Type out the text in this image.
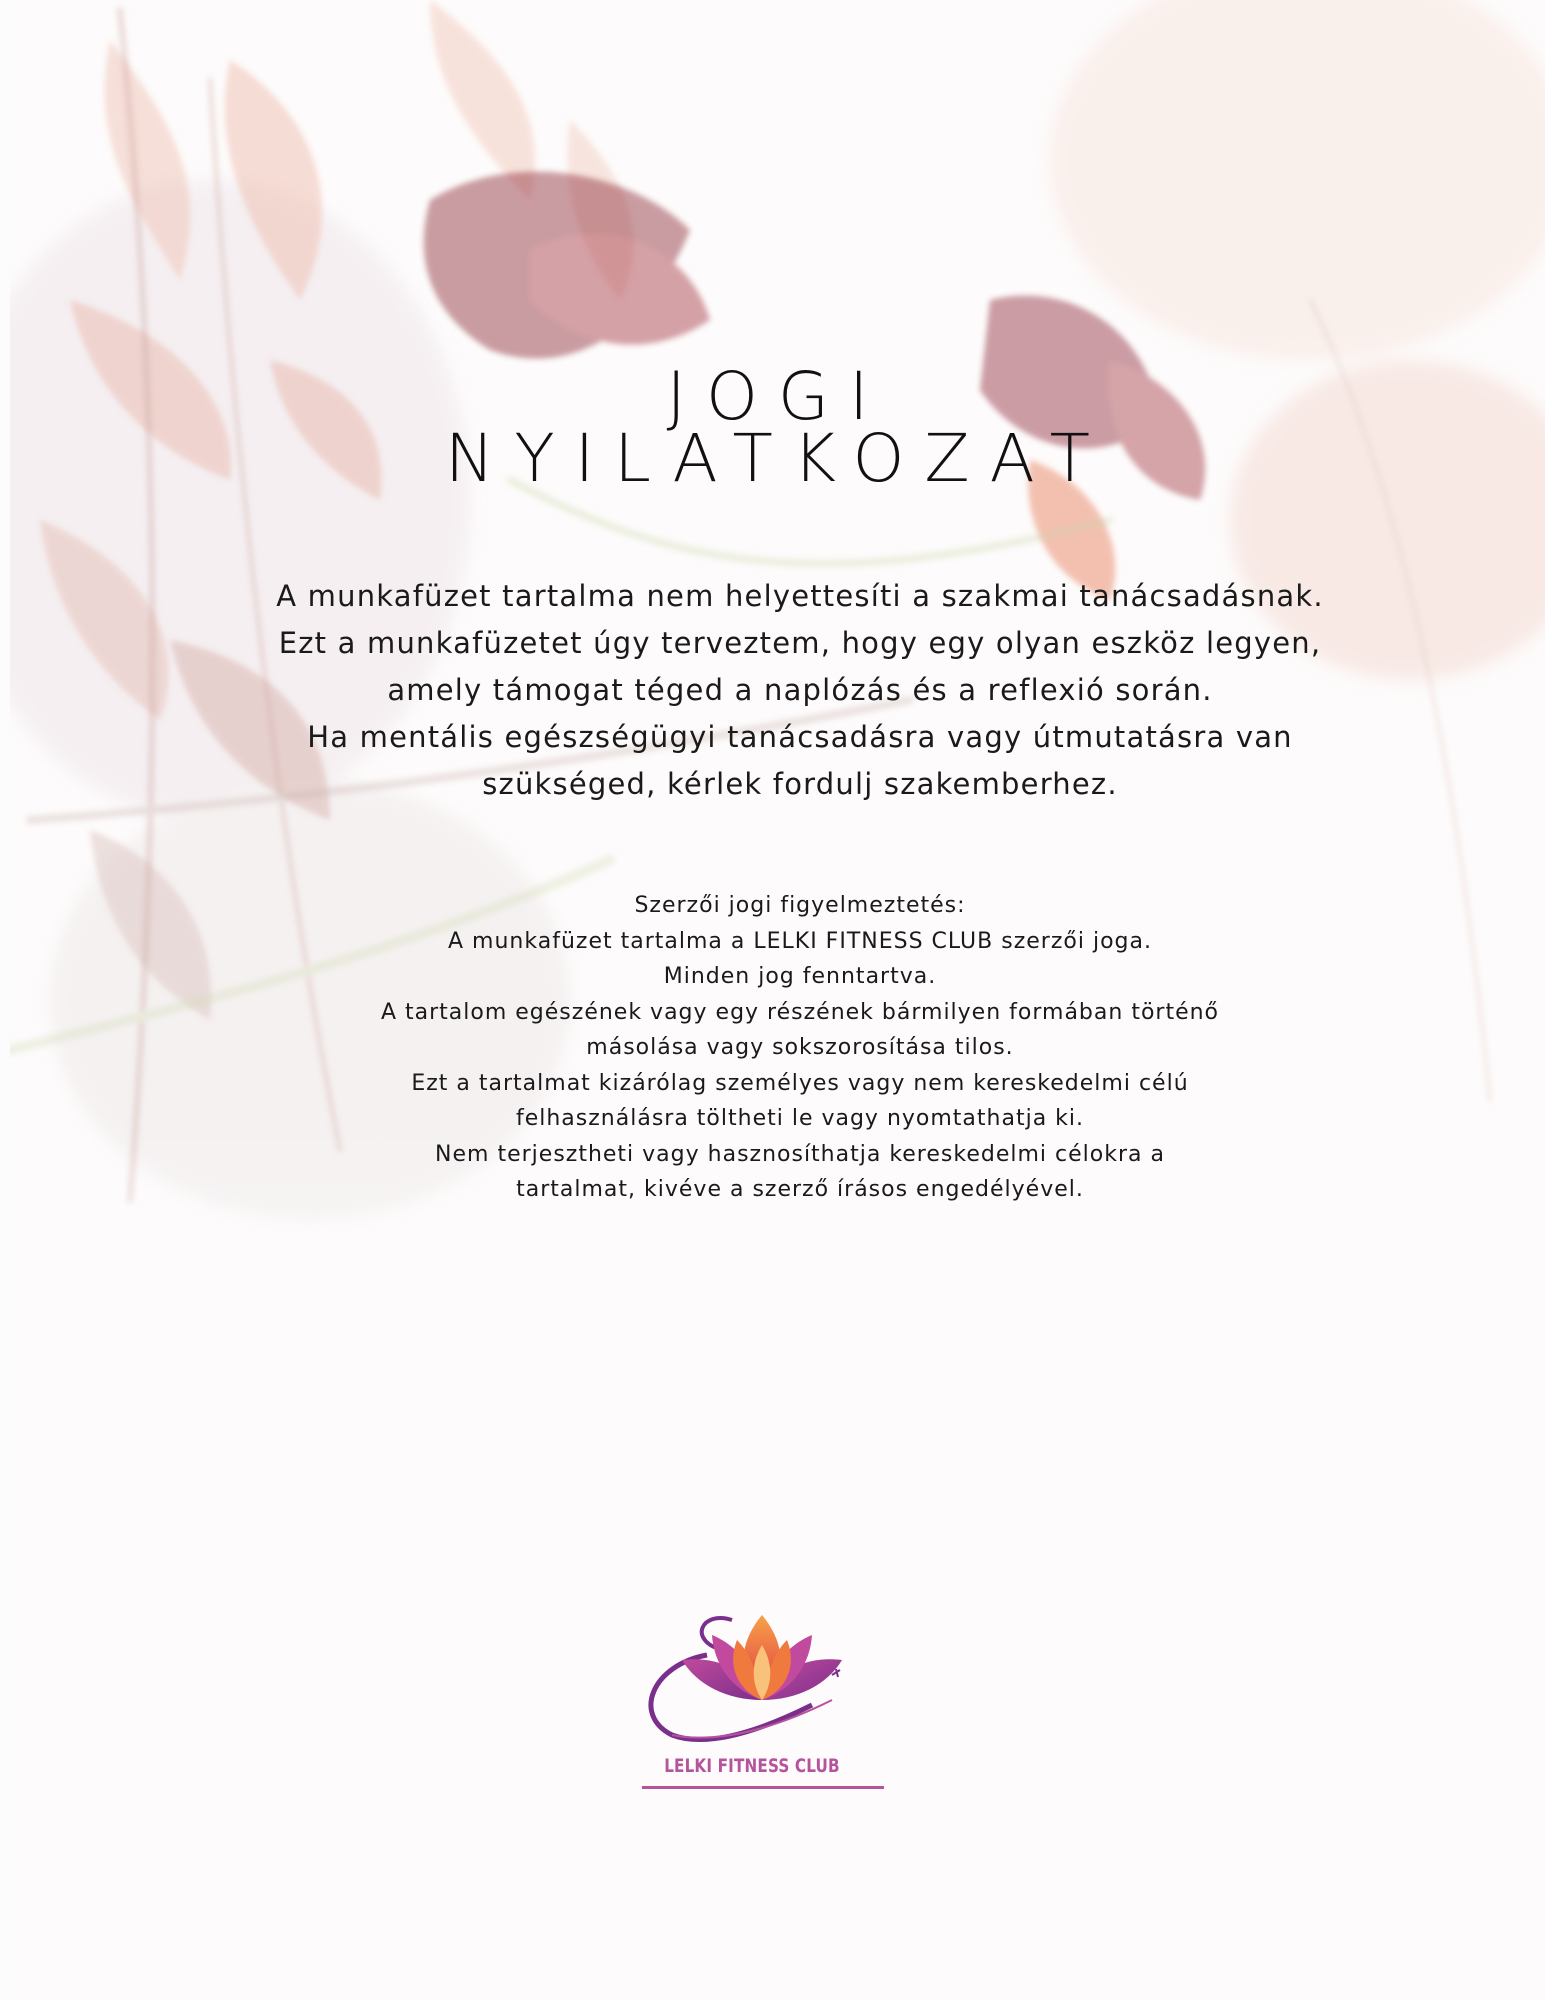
JOGI
NYILATKOZAT
A munkafüzet tartalma nem helyettesíti a szakmai tanácsadásnak.
Ezt a munkafüzetet úgy terveztem, hogy egy olyan eszköz legyen,
amely támogat téged a naplózás és a reflexió során.
Ha mentális egészségügyi tanácsadásra vagy útmutatásra van
szükséged, kérlek fordulj szakemberhez.
Szerzői jogi figyelmeztetés:
A munkafüzet tartalma a LELKI FITNESS CLUB szerzői joga.
Minden jog fenntartva.
A tartalom egészének vagy egy részének bármilyen formában történő
másolása vagy sokszorosítása tilos.
Ezt a tartalmat kizárólag személyes vagy nem kereskedelmi célú
felhasználásra töltheti le vagy nyomtathatja ki.
Nem terjesztheti vagy hasznosíthatja kereskedelmi célokra a
tartalmat, kivéve a szerző írásos engedélyével.
LELKI FITNESS CLUB
